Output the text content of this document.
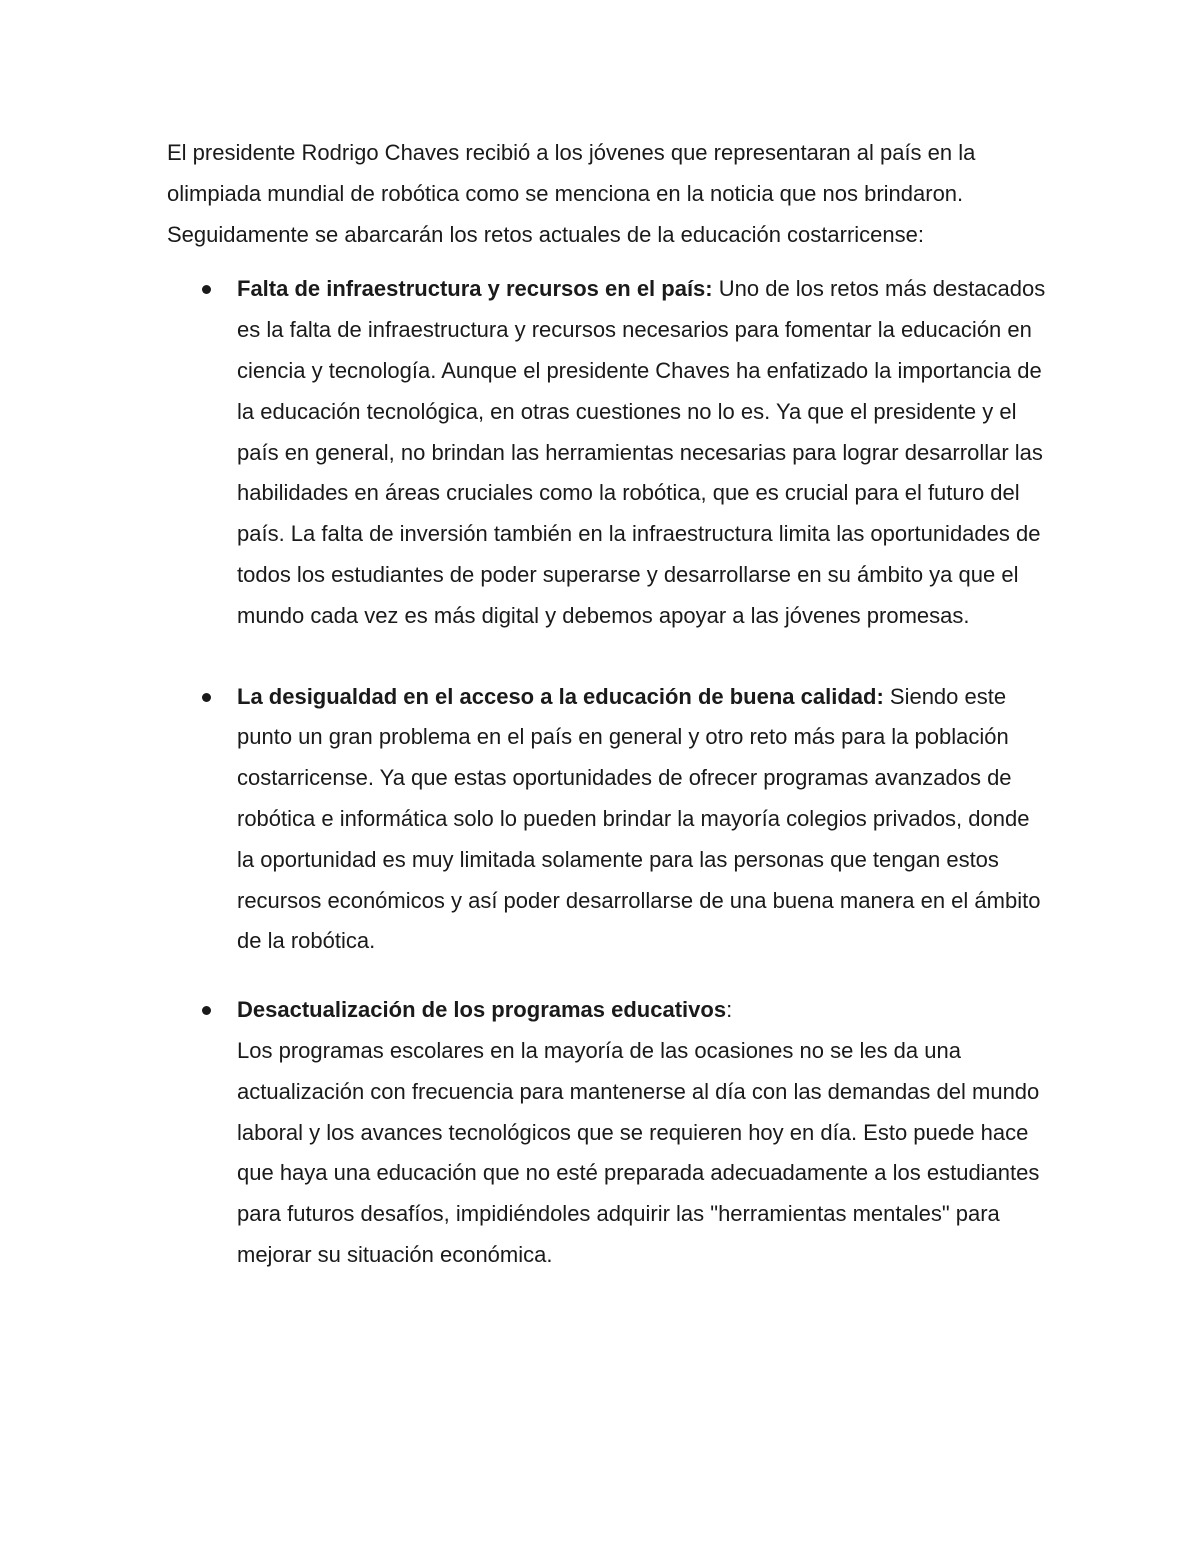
El presidente Rodrigo Chaves recibió a los jóvenes que representaran al país en la olimpiada mundial de robótica como se menciona en la noticia que nos brindaron. Seguidamente se abarcarán los retos actuales de la educación costarricense:

Falta de infraestructura y recursos en el país: Uno de los retos más destacados es la falta de infraestructura y recursos necesarios para fomentar la educación en ciencia y tecnología. Aunque el presidente Chaves ha enfatizado la importancia de la educación tecnológica, en otras cuestiones no lo es. Ya que el presidente y el país en general, no brindan las herramientas necesarias para lograr desarrollar las habilidades en áreas cruciales como la robótica, que es crucial para el futuro del país. La falta de inversión también en la infraestructura limita las oportunidades de todos los estudiantes de poder superarse y desarrollarse en su ámbito ya que el mundo cada vez es más digital y debemos apoyar a las jóvenes promesas.

La desigualdad en el acceso a la educación de buena calidad: Siendo este punto un gran problema en el país en general y otro reto más para la población costarricense. Ya que estas oportunidades de ofrecer programas avanzados de robótica e informática solo lo pueden brindar la mayoría colegios privados, donde la oportunidad es muy limitada solamente para las personas que tengan estos recursos económicos y así poder desarrollarse de una buena manera en el ámbito de la robótica.

Desactualización de los programas educativos:
Los programas escolares en la mayoría de las ocasiones no se les da una actualización con frecuencia para mantenerse al día con las demandas del mundo laboral y los avances tecnológicos que se requieren hoy en día. Esto puede hace que haya una educación que no esté preparada adecuadamente a los estudiantes para futuros desafíos, impidiéndoles adquirir las "herramientas mentales" para mejorar su situación económica.
